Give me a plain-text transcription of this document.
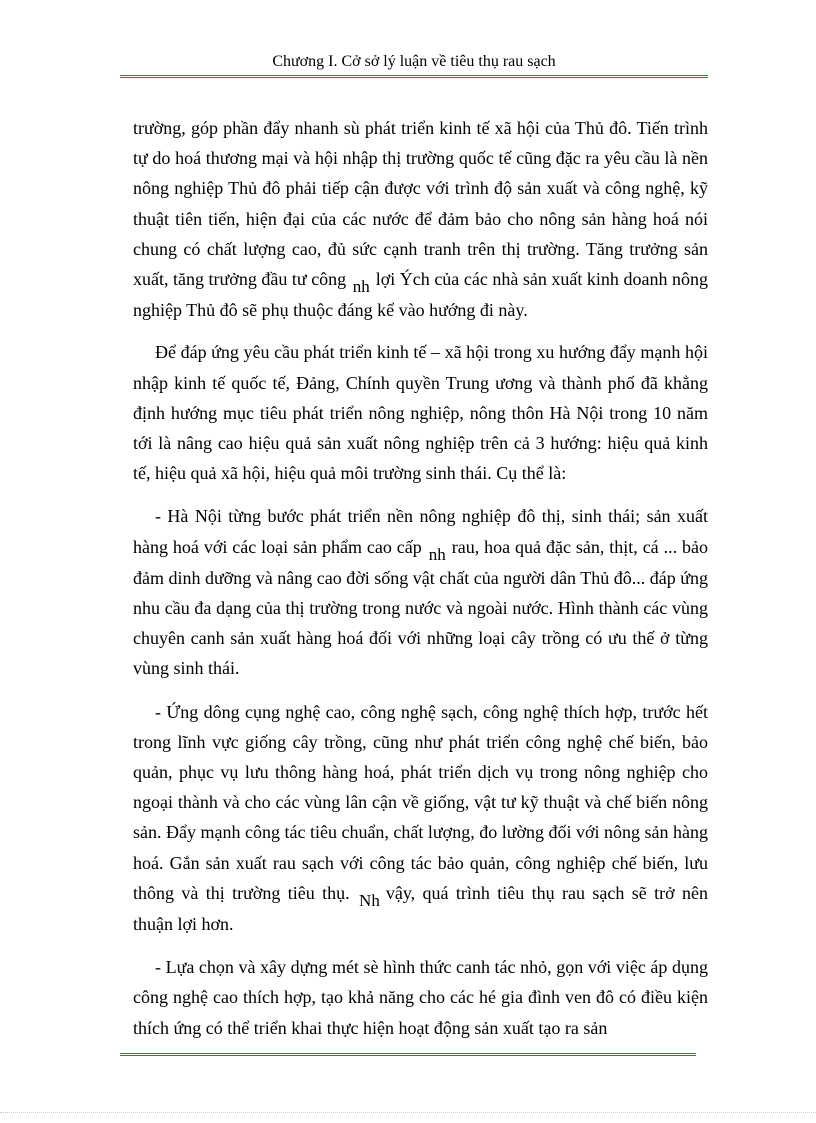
Chương I. Cở sở lý luận về tiêu thụ rau sạch

trường, góp phần đẩy nhanh sù phát triển kinh tế xã hội của Thủ đô. Tiến trình tự do hoá thương mại và hội nhập thị trường quốc tế cũng đặc ra yêu cầu là nền nông nghiệp Thủ đô phải tiếp cận được với trình độ sản xuất và công nghệ, kỹ thuật tiên tiến, hiện đại của các nước để đảm bảo cho nông sản hàng hoá nói chung có chất lượng cao, đủ sức cạnh tranh trên thị trường. Tăng trưởng sản xuất, tăng trưởng đầu tư công nh lợi Ých của các nhà sản xuất kinh doanh nông nghiệp Thủ đô sẽ phụ thuộc đáng kể vào hướng đi này.

Để đáp ứng yêu cầu phát triển kinh tế – xã hội trong xu hướng đẩy mạnh hội nhập kinh tế quốc tế, Đảng, Chính quyền Trung ương và thành phố đã khẳng định hướng mục tiêu phát triển nông nghiệp, nông thôn Hà Nội trong 10 năm tới là nâng cao hiệu quả sản xuất nông nghiệp trên cả 3 hướng: hiệu quả kinh tế, hiệu quả xã hội, hiệu quả môi trường sinh thái. Cụ thể là:

- Hà Nội từng bước phát triển nền nông nghiệp đô thị, sinh thái; sản xuất hàng hoá với các loại sản phẩm cao cấp nh rau, hoa quả đặc sản, thịt, cá ... bảo đảm dinh dưỡng và nâng cao đời sống vật chất của người dân Thủ đô... đáp ứng nhu cầu đa dạng của thị trường trong nước và ngoài nước. Hình thành các vùng chuyên canh sản xuất hàng hoá đối với những loại cây trồng có ưu thế ở từng vùng sinh thái.

- Ứng dông cụng nghệ cao, công nghệ sạch, công nghệ thích hợp, trước hết trong lĩnh vực giống cây trồng, cũng như phát triển công nghệ chế biến, bảo quản, phục vụ lưu thông hàng hoá, phát triển dịch vụ trong nông nghiệp cho ngoại thành và cho các vùng lân cận về giống, vật tư kỹ thuật và chế biến nông sản. Đẩy mạnh công tác tiêu chuẩn, chất lượng, đo lường đối với nông sản hàng hoá. Gắn sản xuất rau sạch với công tác bảo quản, công nghiệp chế biến, lưu thông và thị trường tiêu thụ. Nh vậy, quá trình tiêu thụ rau sạch sẽ trở nên thuận lợi hơn.

- Lựa chọn và xây dựng mét sè hình thức canh tác nhỏ, gọn với việc áp dụng công nghệ cao thích hợp, tạo khả năng cho các hé gia đình ven đô có điều kiện thích ứng có thể triển khai thực hiện hoạt động sản xuất tạo ra sản
